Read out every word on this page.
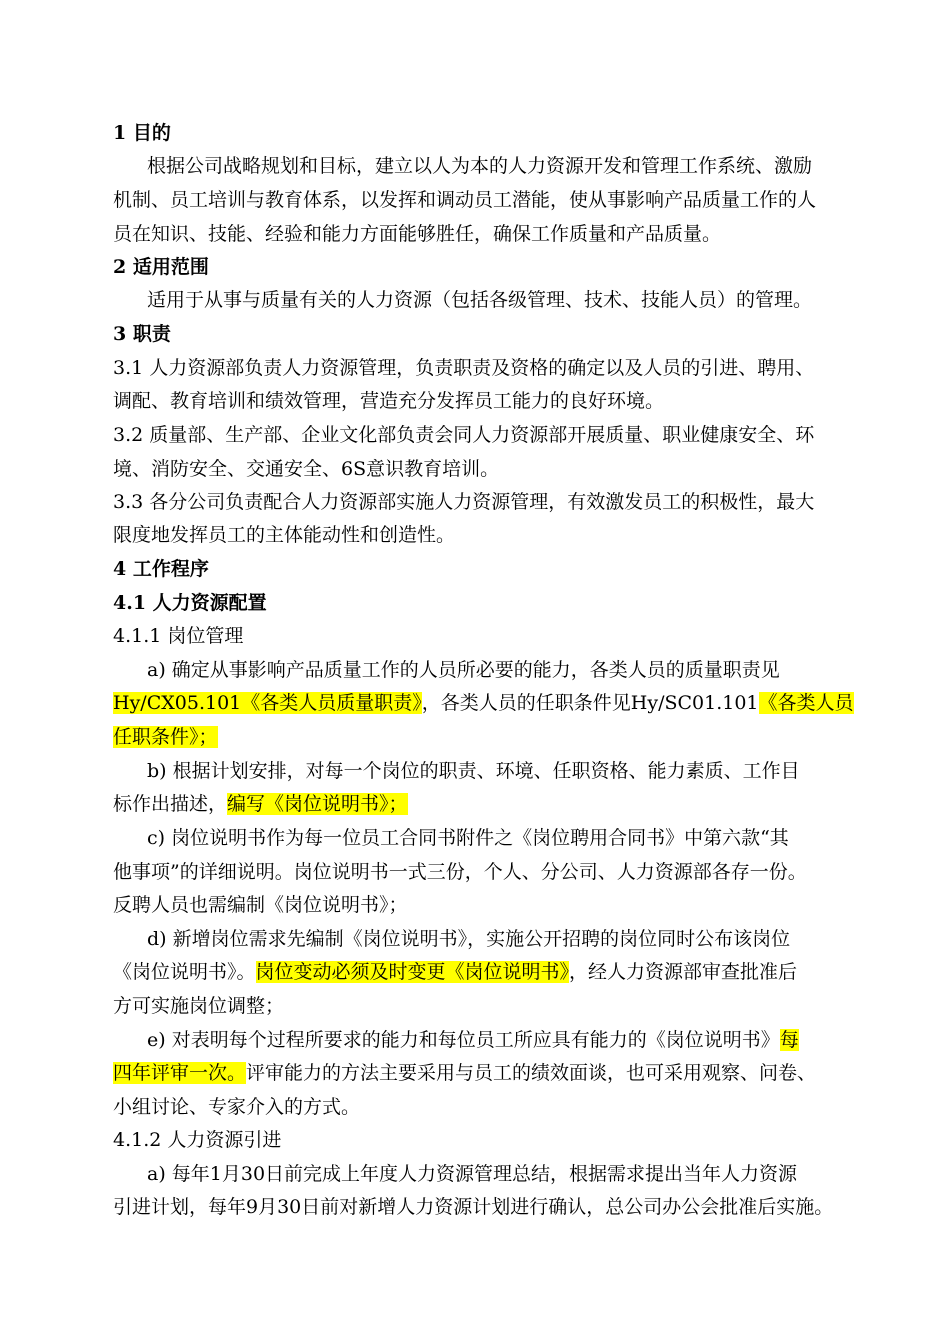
1 目的
根据公司战略规划和目标，建立以人为本的人力资源开发和管理工作系统、激励
机制、员工培训与教育体系，以发挥和调动员工潜能，使从事影响产品质量工作的人
员在知识、技能、经验和能力方面能够胜任，确保工作质量和产品质量。
2 适用范围
适用于从事与质量有关的人力资源（包括各级管理、技术、技能人员）的管理。
3 职责
3.1 人力资源部负责人力资源管理，负责职责及资格的确定以及人员的引进、聘用、
调配、教育培训和绩效管理，营造充分发挥员工能力的良好环境。
3.2 质量部、生产部、企业文化部负责会同人力资源部开展质量、职业健康安全、环
境、消防安全、交通安全、6S意识教育培训。
3.3 各分公司负责配合人力资源部实施人力资源管理，有效激发员工的积极性，最大
限度地发挥员工的主体能动性和创造性。
4 工作程序
4.1 人力资源配置
4.1.1 岗位管理
a) 确定从事影响产品质量工作的人员所必要的能力，各类人员的质量职责见
Hy/CX05.101《各类人员质量职责》，各类人员的任职条件见Hy/SC01.101《各类人员
任职条件》；
b) 根据计划安排，对每一个岗位的职责、环境、任职资格、能力素质、工作目
标作出描述，编写《岗位说明书》；
c) 岗位说明书作为每一位员工合同书附件之《岗位聘用合同书》中第六款“其
他事项”的详细说明。岗位说明书一式三份，个人、分公司、人力资源部各存一份。
反聘人员也需编制《岗位说明书》；
d) 新增岗位需求先编制《岗位说明书》，实施公开招聘的岗位同时公布该岗位
《岗位说明书》。岗位变动必须及时变更《岗位说明书》，经人力资源部审查批准后
方可实施岗位调整；
e) 对表明每个过程所要求的能力和每位员工所应具有能力的《岗位说明书》每
四年评审一次。评审能力的方法主要采用与员工的绩效面谈，也可采用观察、问卷、
小组讨论、专家介入的方式。
4.1.2 人力资源引进
a) 每年1月30日前完成上年度人力资源管理总结，根据需求提出当年人力资源
引进计划，每年9月30日前对新增人力资源计划进行确认，总公司办公会批准后实施。
